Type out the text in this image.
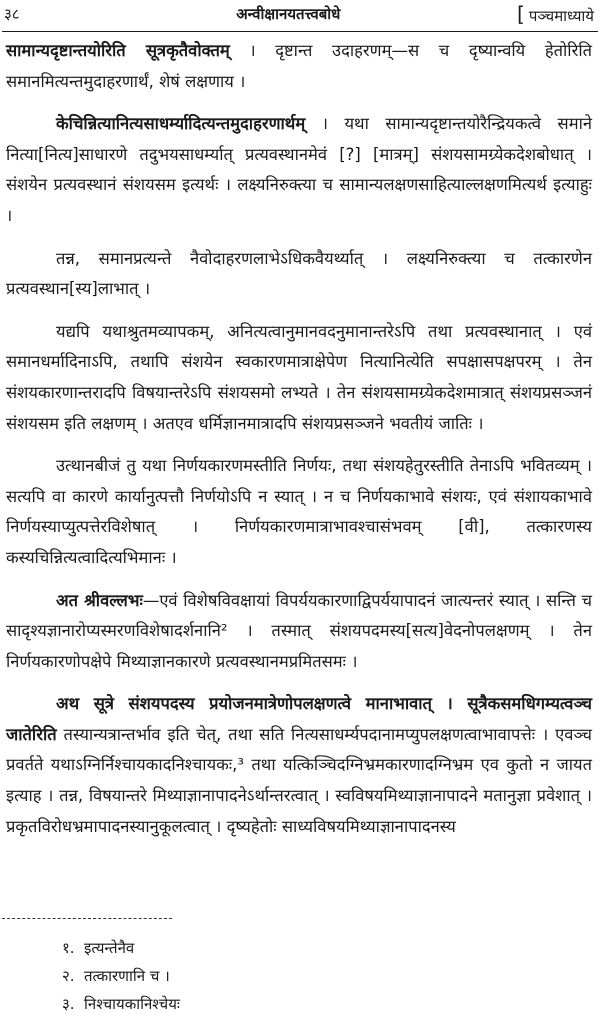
३८	अन्वीक्षानयतत्त्वबोधे	[ पञ्चमाध्याये

सामान्यदृष्टान्तयोरिति सूत्रकृतैवोक्तम् । दृष्टान्त उदाहरणम्—स च दृष्यान्वयि हेतोरिति समानमित्यन्तमुदाहरणार्थं, शेषं लक्षणाय ।

केचिन्नित्यानित्यसाधर्म्यादित्यन्तमुदाहरणार्थम् । यथा सामान्यदृष्टान्तयोरैन्द्रियकत्वे समाने नित्या[नित्य]साधारणे तदुभयसाधर्म्यात् प्रत्यवस्थानमेवं [?] [मात्रम्] संशयसामग्र्येकदेशबोधात् । संशयेन प्रत्यवस्थानं संशयसम इत्यर्थः । लक्ष्यनिरुक्त्या च सामान्यलक्षणसाहित्याल्लक्षणमित्यर्थ इत्याहुः ।

तन्न, समानप्रत्यन्ते नैवोदाहरणलाभेऽधिकवैयर्थ्यात् । लक्ष्यनिरुक्त्या च तत्कारणेन प्रत्यवस्थान[स्य]लाभात् ।

यद्यपि यथाश्रुतमव्यापकम्, अनित्यत्वानुमानवदनुमानान्तरेऽपि तथा प्रत्यवस्थानात् । एवं समानधर्मादिनाऽपि, तथापि संशयेन स्वकारणमात्राक्षेपेण नित्यानित्येति सपक्षासपक्षपरम् । तेन संशयकारणान्तरादपि विषयान्तरेऽपि संशयसमो लभ्यते । तेन संशयसामग्र्येकदेशमात्रात् संशयप्रसञ्जनं संशयसम इति लक्षणम् । अतएव धर्मिज्ञानमात्रादपि संशयप्रसञ्जने भवतीयं जातिः ।

उत्थानबीजं तु यथा निर्णयकारणमस्तीति निर्णयः, तथा संशयहेतुरस्तीति तेनाऽपि भवितव्यम् । सत्यपि वा कारणे कार्यानुत्पत्तौ निर्णयोऽपि न स्यात् । न च निर्णयकाभावे संशयः, एवं संशायकाभावे निर्णयस्याप्युत्पत्तेरविशेषात् । निर्णयकारणमात्राभावश्चासंभवम् [वी], तत्कारणस्य कस्यचिन्नित्यत्वादित्यभिमानः ।

अत श्रीवल्लभः—एवं विशेषविवक्षायां विपर्ययकारणाद्विपर्ययापादनं जात्यन्तरं स्यात् । सन्ति च सादृश्यज्ञानारोप्यस्मरणविशेषादर्शनानि² । तस्मात् संशयपदमस्य[सत्य]वेदनोपलक्षणम् । तेन निर्णयकारणोपक्षेपे मिथ्याज्ञानकारणे प्रत्यवस्थानमप्रमितसमः ।

अथ सूत्रे संशयपदस्य प्रयोजनमात्रेणोपलक्षणत्वे मानाभावात् । सूत्रैकसमधिगम्यत्वञ्च जातेरिति तस्यान्यत्रान्तर्भाव इति चेत्, तथा सति नित्यसाधर्म्यपदानामप्युपलक्षणत्वाभावापत्तेः । एवञ्च प्रवर्तते यथाऽग्निर्निश्चायकादनिश्चायकः,³ तथा यत्किञ्चिदग्निभ्रमकारणादग्निभ्रम एव कुतो न जायत इत्याह । तन्न, विषयान्तरे मिथ्याज्ञानापादनेऽर्थान्तरत्वात् । स्वविषयमिथ्याज्ञानापादने मतानुज्ञा प्रवेशात् । प्रकृतविरोधभ्रमापादनस्यानुकूलत्वात् । दृष्यहेतोः साध्यविषयमिथ्याज्ञानापादनस्य

१. इत्यन्तेनैव
२. तत्कारणानि च ।
३. निश्चायकानिश्चेयः
